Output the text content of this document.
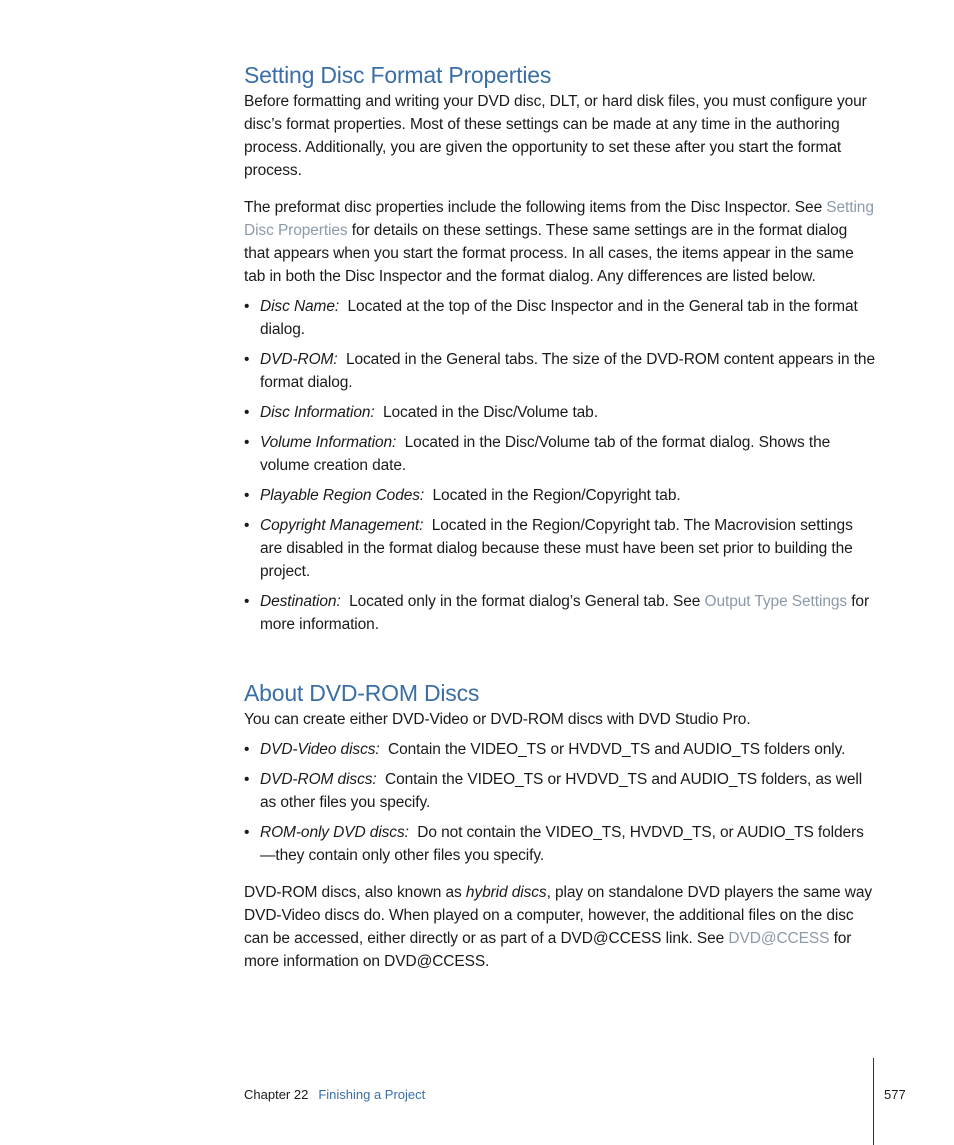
Setting Disc Format Properties

Before formatting and writing your DVD disc, DLT, or hard disk files, you must configure your disc’s format properties. Most of these settings can be made at any time in the authoring process. Additionally, you are given the opportunity to set these after you start the format process.

The preformat disc properties include the following items from the Disc Inspector. See Setting Disc Properties for details on these settings. These same settings are in the format dialog that appears when you start the format process. In all cases, the items appear in the same tab in both the Disc Inspector and the format dialog. Any differences are listed below.

• Disc Name: Located at the top of the Disc Inspector and in the General tab in the format dialog.
• DVD-ROM: Located in the General tabs. The size of the DVD-ROM content appears in the format dialog.
• Disc Information: Located in the Disc/Volume tab.
• Volume Information: Located in the Disc/Volume tab of the format dialog. Shows the volume creation date.
• Playable Region Codes: Located in the Region/Copyright tab.
• Copyright Management: Located in the Region/Copyright tab. The Macrovision settings are disabled in the format dialog because these must have been set prior to building the project.
• Destination: Located only in the format dialog’s General tab. See Output Type Settings for more information.
About DVD-ROM Discs

You can create either DVD-Video or DVD-ROM discs with DVD Studio Pro.

• DVD-Video discs: Contain the VIDEO_TS or HVDVD_TS and AUDIO_TS folders only.
• DVD-ROM discs: Contain the VIDEO_TS or HVDVD_TS and AUDIO_TS folders, as well as other files you specify.
• ROM-only DVD discs: Do not contain the VIDEO_TS, HVDVD_TS, or AUDIO_TS folders—they contain only other files you specify.

DVD-ROM discs, also known as hybrid discs, play on standalone DVD players the same way DVD-Video discs do. When played on a computer, however, the additional files on the disc can be accessed, either directly or as part of a DVD@CCESS link. See DVD@CCESS for more information on DVD@CCESS.

Chapter 22 Finishing a Project	577
